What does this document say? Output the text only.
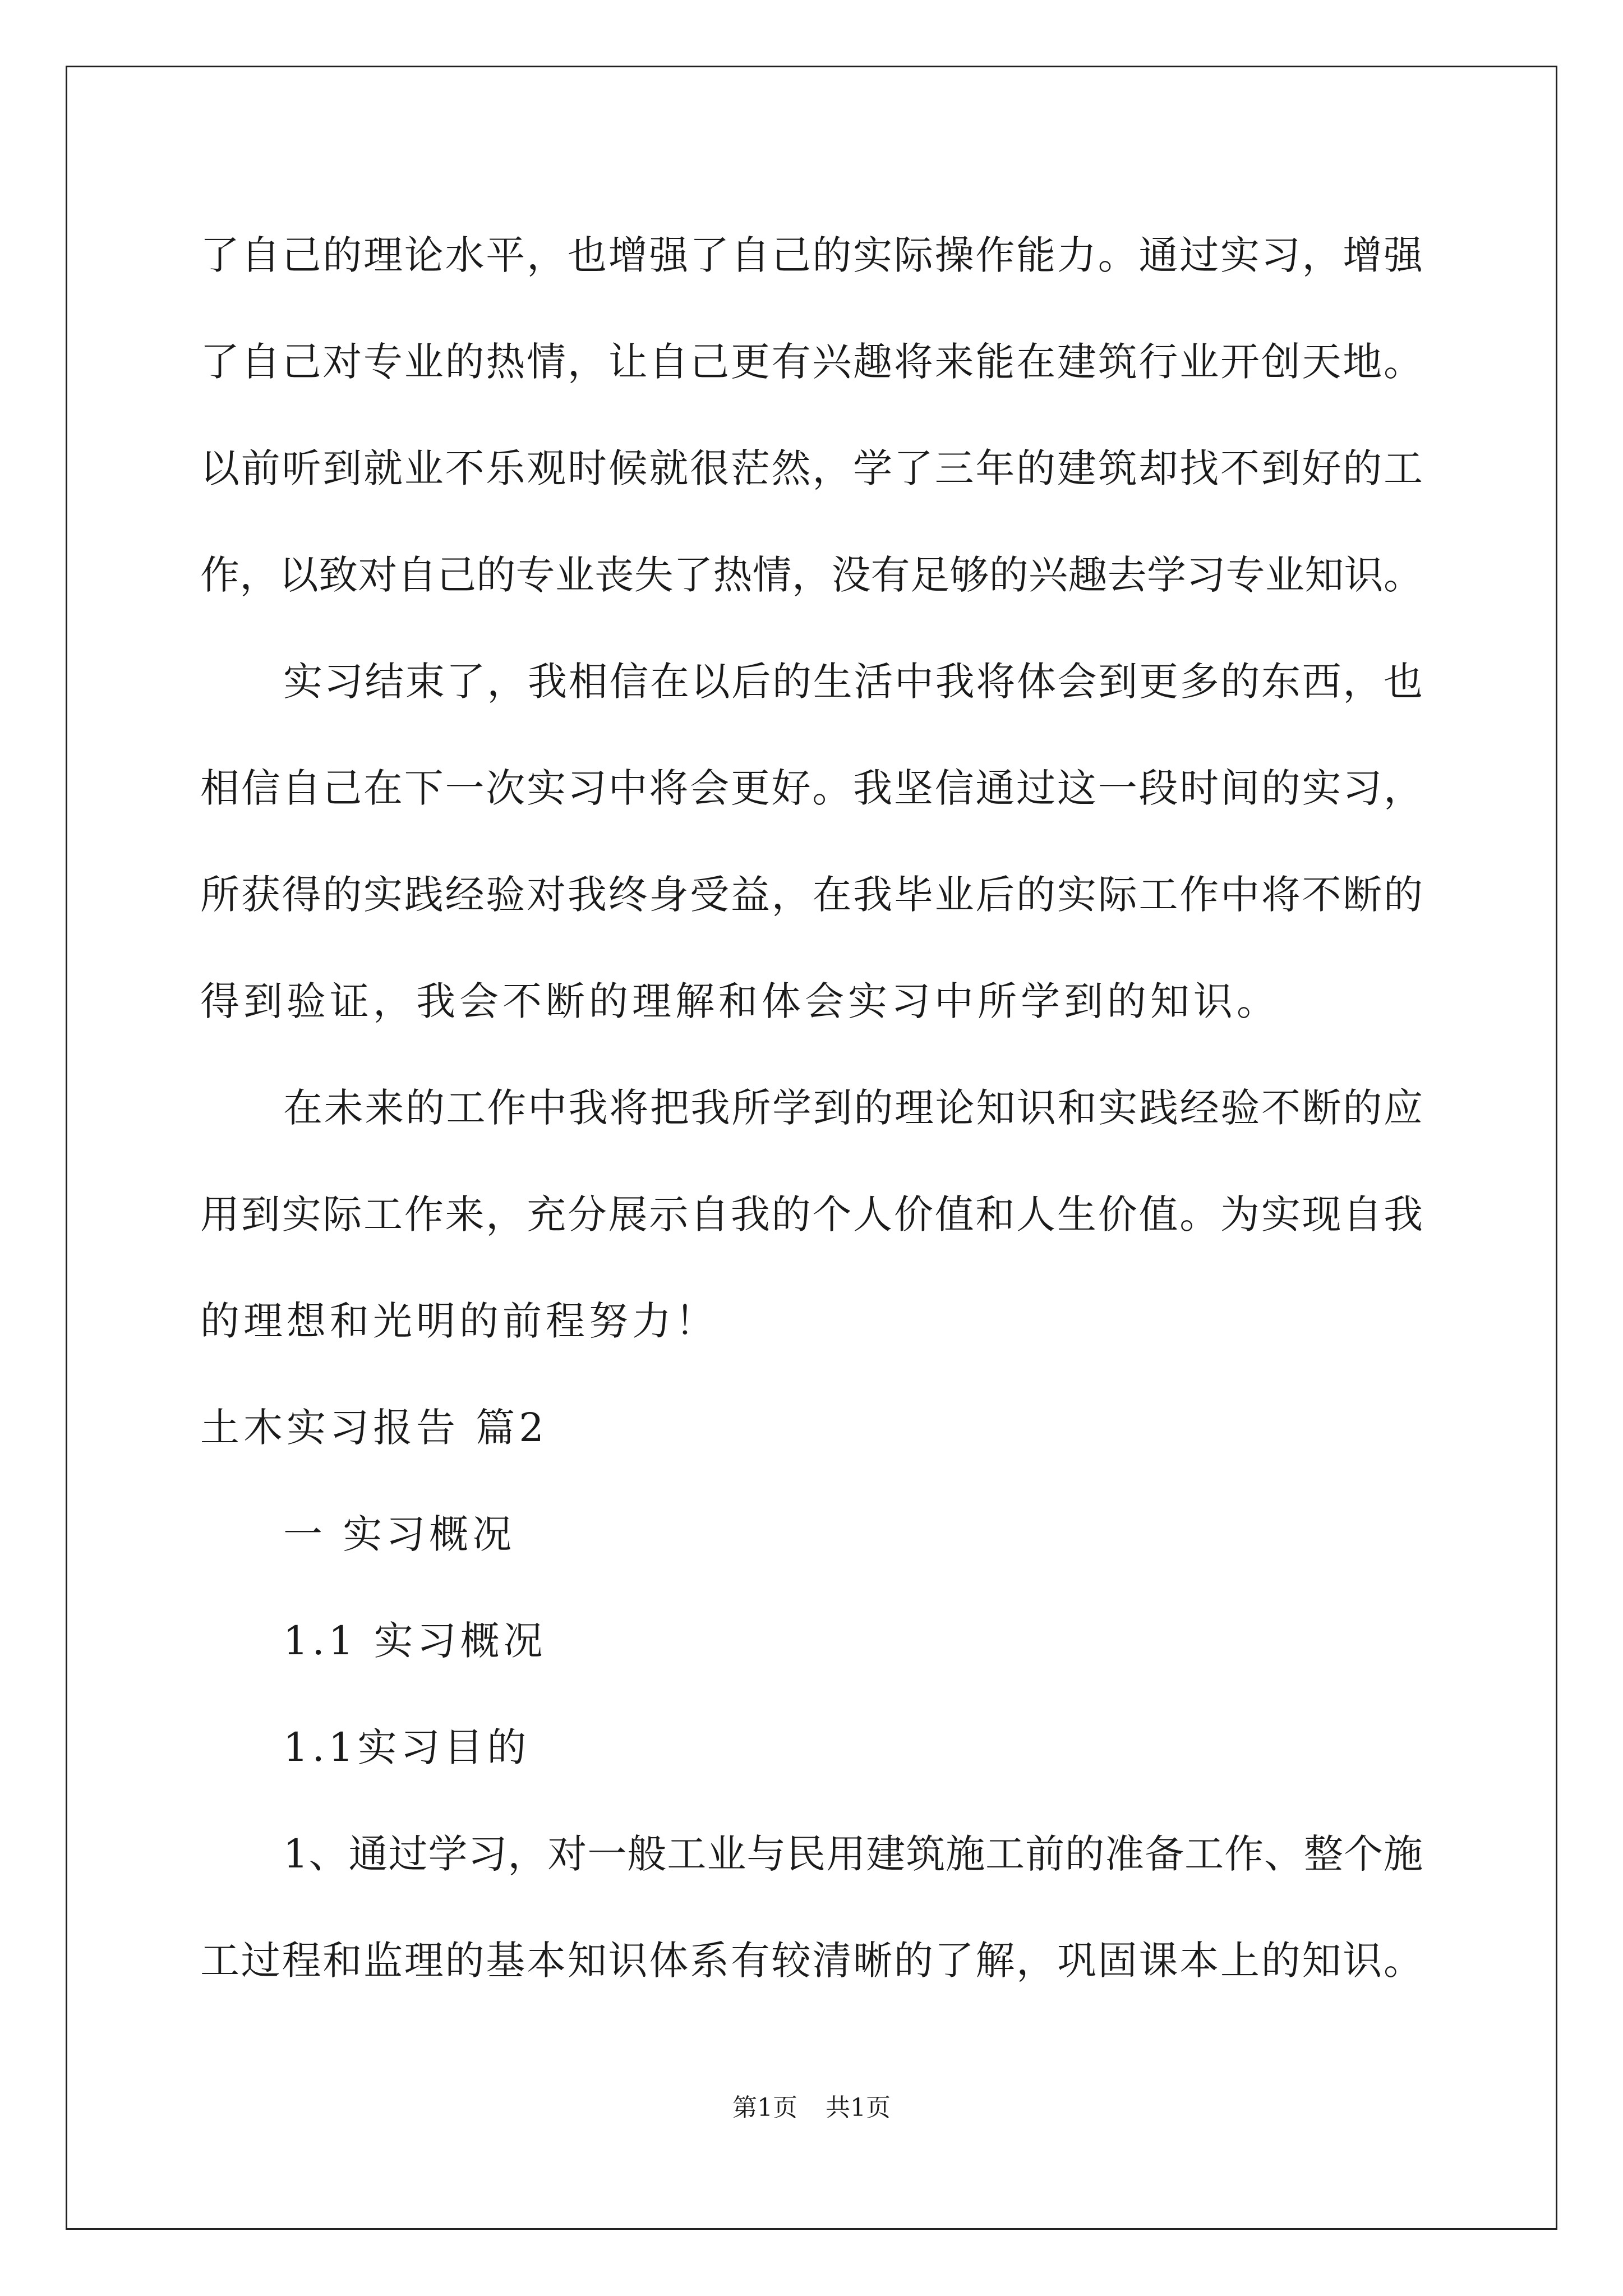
了自己的理论水平，也增强了自己的实际操作能力。通过实习，增强
了自己对专业的热情，让自己更有兴趣将来能在建筑行业开创天地。
以前听到就业不乐观时候就很茫然，学了三年的建筑却找不到好的工
作，以致对自己的专业丧失了热情，没有足够的兴趣去学习专业知识。
实习结束了，我相信在以后的生活中我将体会到更多的东西，也
相信自己在下一次实习中将会更好。我坚信通过这一段时间的实习，
所获得的实践经验对我终身受益，在我毕业后的实际工作中将不断的
得到验证，我会不断的理解和体会实习中所学到的知识。
在未来的工作中我将把我所学到的理论知识和实践经验不断的应
用到实际工作来，充分展示自我的个人价值和人生价值。为实现自我
的理想和光明的前程努力！
土木实习报告 篇2
一 实习概况
1.1 实习概况
1.1实习目的
1、通过学习，对一般工业与民用建筑施工前的准备工作、整个施
工过程和监理的基本知识体系有较清晰的了解，巩固课本上的知识。
第1页 共1页
